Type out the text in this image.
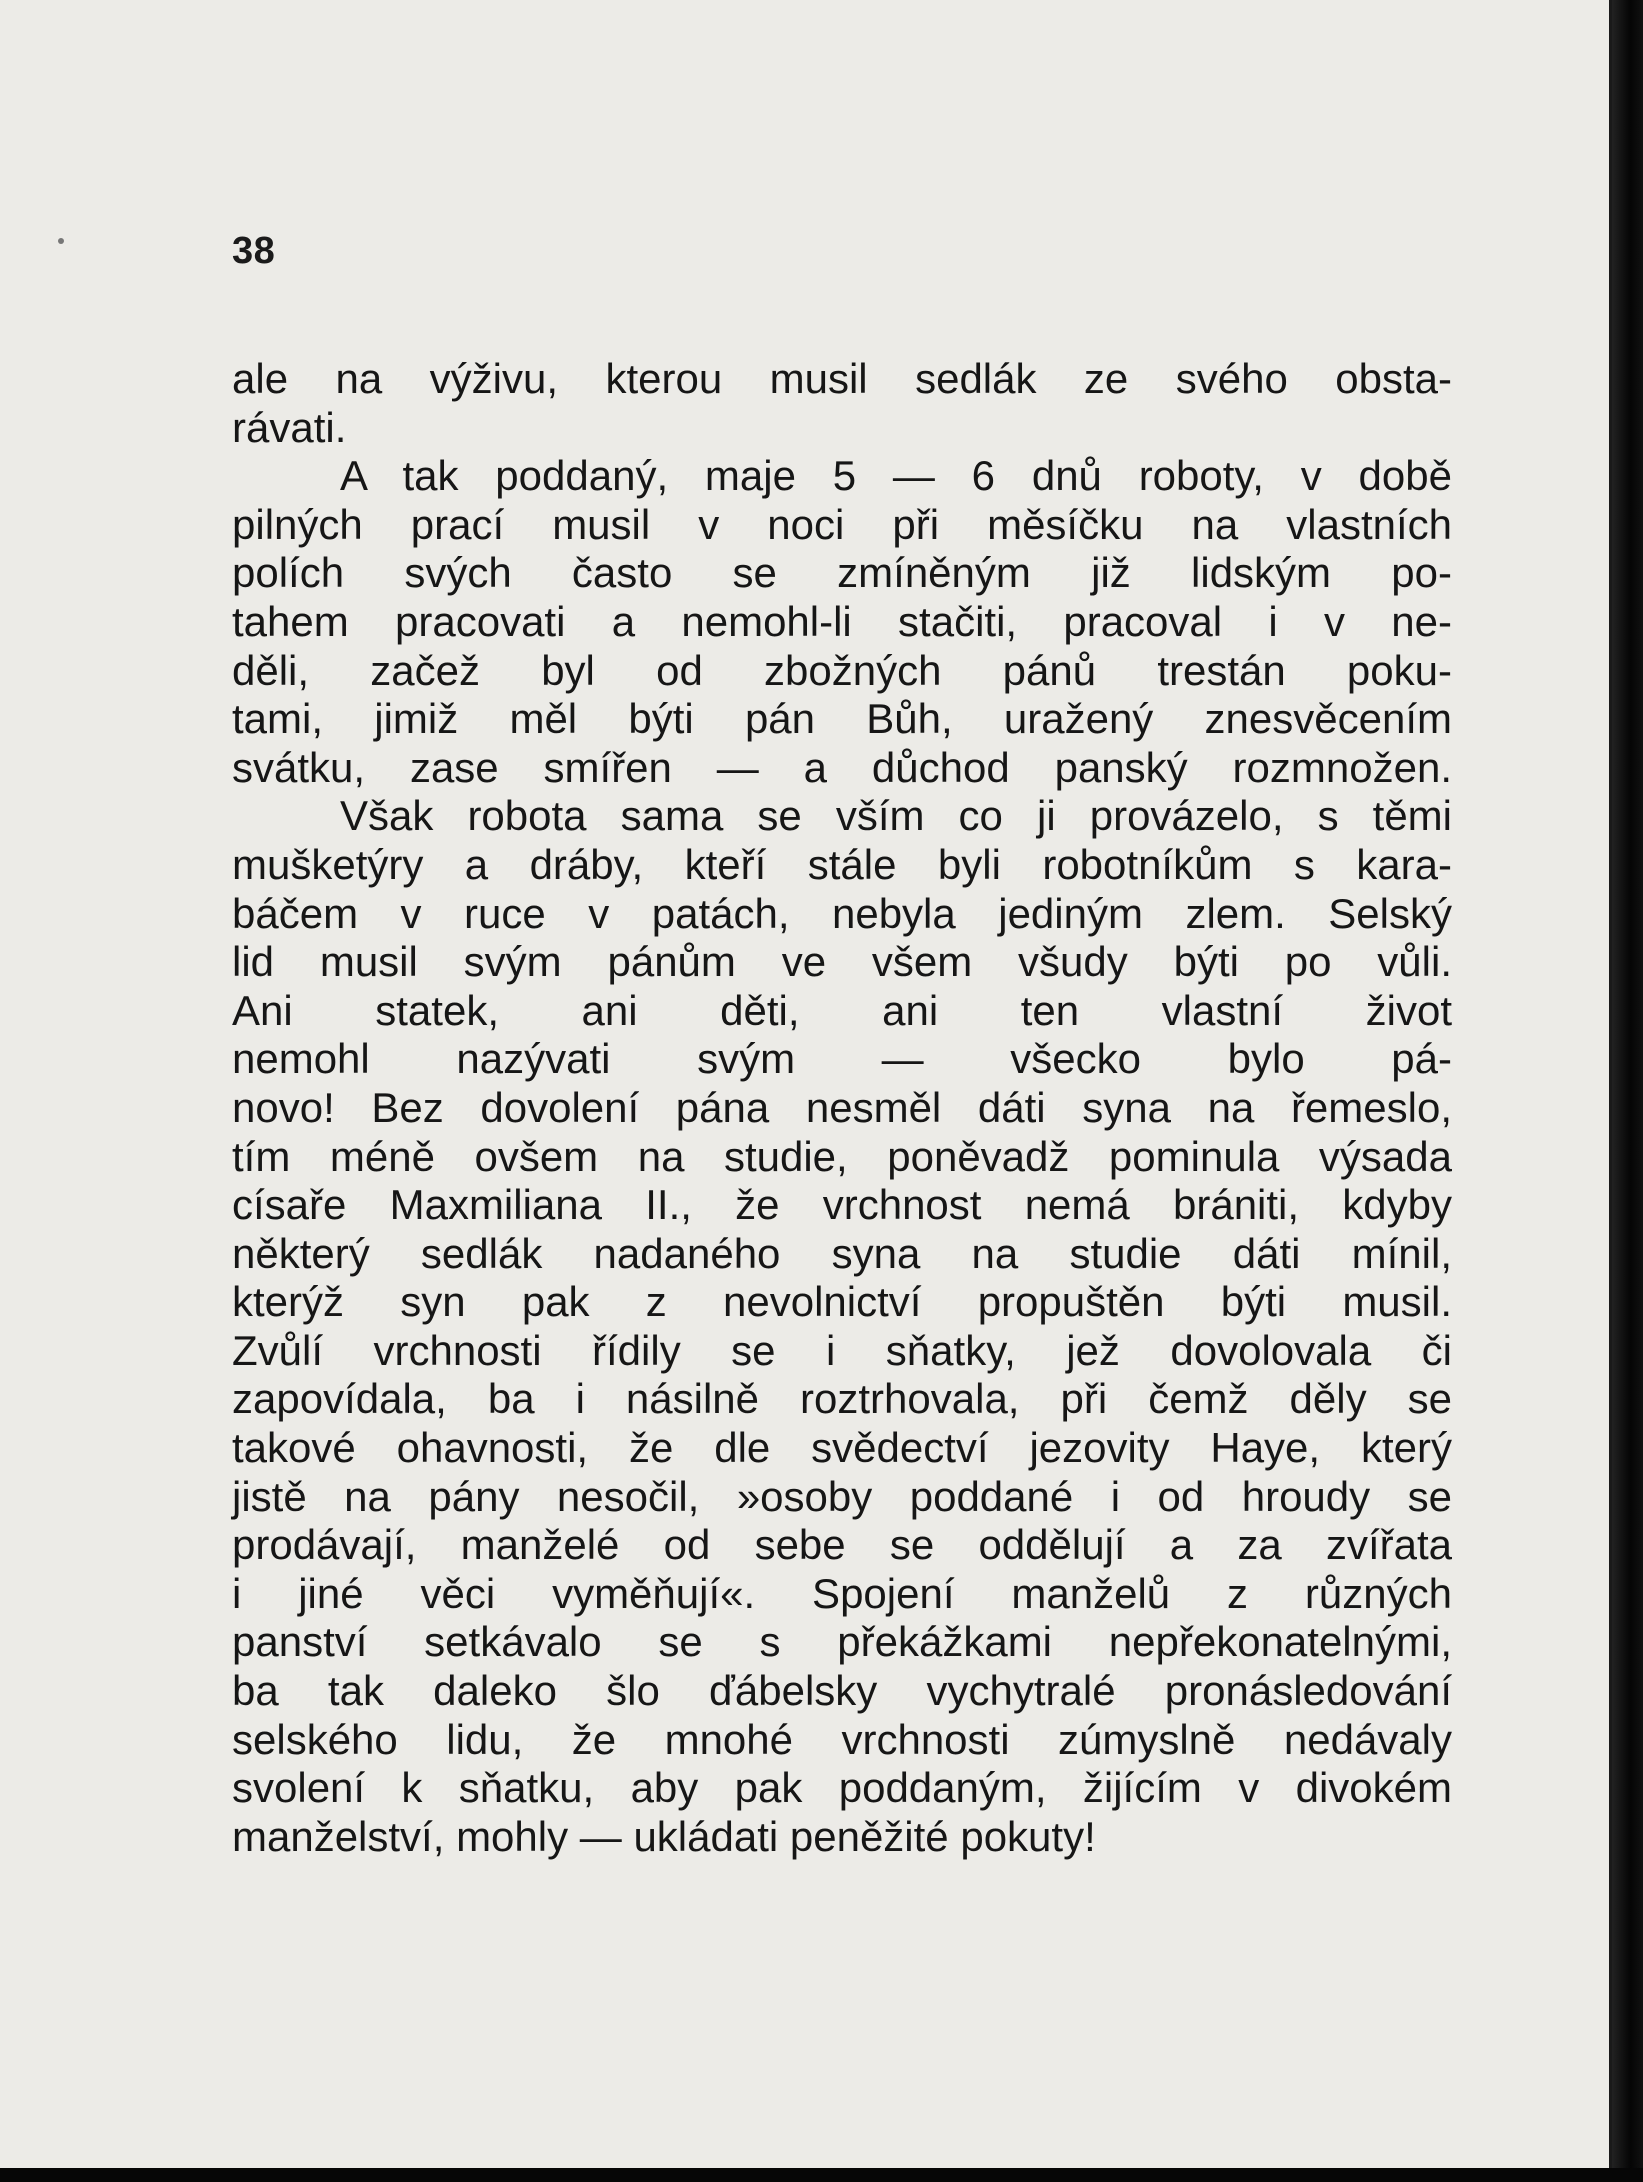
38
ale na výživu, kterou musil sedlák ze svého obsta-
rávati.
A tak poddaný, maje 5 — 6 dnů roboty, v době
pilných prací musil v noci při měsíčku na vlastních
polích svých často se zmíněným již lidským po-
tahem pracovati a nemohl-li stačiti, pracoval i v ne-
děli, začež byl od zbožných pánů trestán poku-
tami, jimiž měl býti pán Bůh, uražený znesvěcením
svátku, zase smířen — a důchod panský rozmnožen.
Však robota sama se vším co ji provázelo, s těmi
mušketýry a dráby, kteří stále byli robotníkům s kara-
báčem v ruce v patách, nebyla jediným zlem. Selský
lid musil svým pánům ve všem všudy býti po vůli.
Ani statek, ani děti, ani ten vlastní život
nemohl nazývati svým — všecko bylo pá-
novo! Bez dovolení pána nesměl dáti syna na řemeslo,
tím méně ovšem na studie, poněvadž pominula výsada
císaře Maxmiliana II., že vrchnost nemá brániti, kdyby
některý sedlák nadaného syna na studie dáti mínil,
kterýž syn pak z nevolnictví propuštěn býti musil.
Zvůlí vrchnosti řídily se i sňatky, jež dovolovala či
zapovídala, ba i násilně roztrhovala, při čemž děly se
takové ohavnosti, že dle svědectví jezovity Haye, který
jistě na pány nesočil, »osoby poddané i od hroudy se
prodávají, manželé od sebe se oddělují a za zvířata
i jiné věci vyměňují«. Spojení manželů z různých
panství setkávalo se s překážkami nepřekonatelnými,
ba tak daleko šlo ďábelsky vychytralé pronásledování
selského lidu, že mnohé vrchnosti zúmyslně nedávaly
svolení k sňatku, aby pak poddaným, žijícím v divokém
manželství, mohly — ukládati peněžité pokuty!
